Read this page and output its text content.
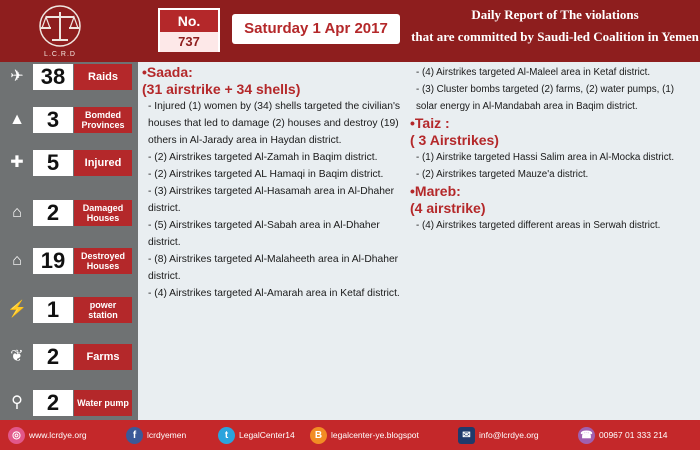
L.C.R.D
No.
737
Saturday 1 Apr 2017
Daily Report of The violations
that are committed by Saudi-led Coalition in Yemen
✈ 38	Raids
▲ 3	Bomded Provinces
✚	5	Injured
⌂	2	Damaged Houses
⌂ 19	Destroyed Houses
⚡ 1	power station
❦	2	Farms
⚲	2	Water pump
•Saada:
(31 airstrike + 34 shells)
- Injured (1) women by (34) shells targeted the civilian's houses that led to damage (2) houses and destroy (19) others in Al-Jarady area in Haydan district.
- (2) Airstrikes targeted Al-Zamah in Baqim district.
- (2) Airstrikes targeted AL Hamaqi in Baqim district.
- (3) Airstrikes targeted Al-Hasamah area in Al-Dhaher district.
- (5) Airstrikes targeted Al-Sabah area in Al-Dhaher district.
- (8) Airstrikes targeted Al-Malaheeth area in Al-Dhaher district.
- (4) Airstrikes targeted Al-Amarah area in Ketaf district.
- (4) Airstrikes targeted Al-Maleel area in Ketaf district.
- (3) Cluster bombs targeted (2) farms, (2) water pumps, (1) solar energy in Al-Mandabah area in Baqim district.
•Taiz :
( 3 Airstrikes)
- (1) Airstrike targeted Hassi Salim area in Al-Mocka district.
- (2) Airstrikes targeted Mauze'a district.
•Mareb:
(4 airstrike)
- (4) Airstrikes targeted different areas in Serwah district.
◎ www.lcrdye.org	f	lcrdyemen	t	LegalCenter14	B	legalcenter-ye.blogspot	✉ info@lcrdye.org	☎ 00967 01 333 214
